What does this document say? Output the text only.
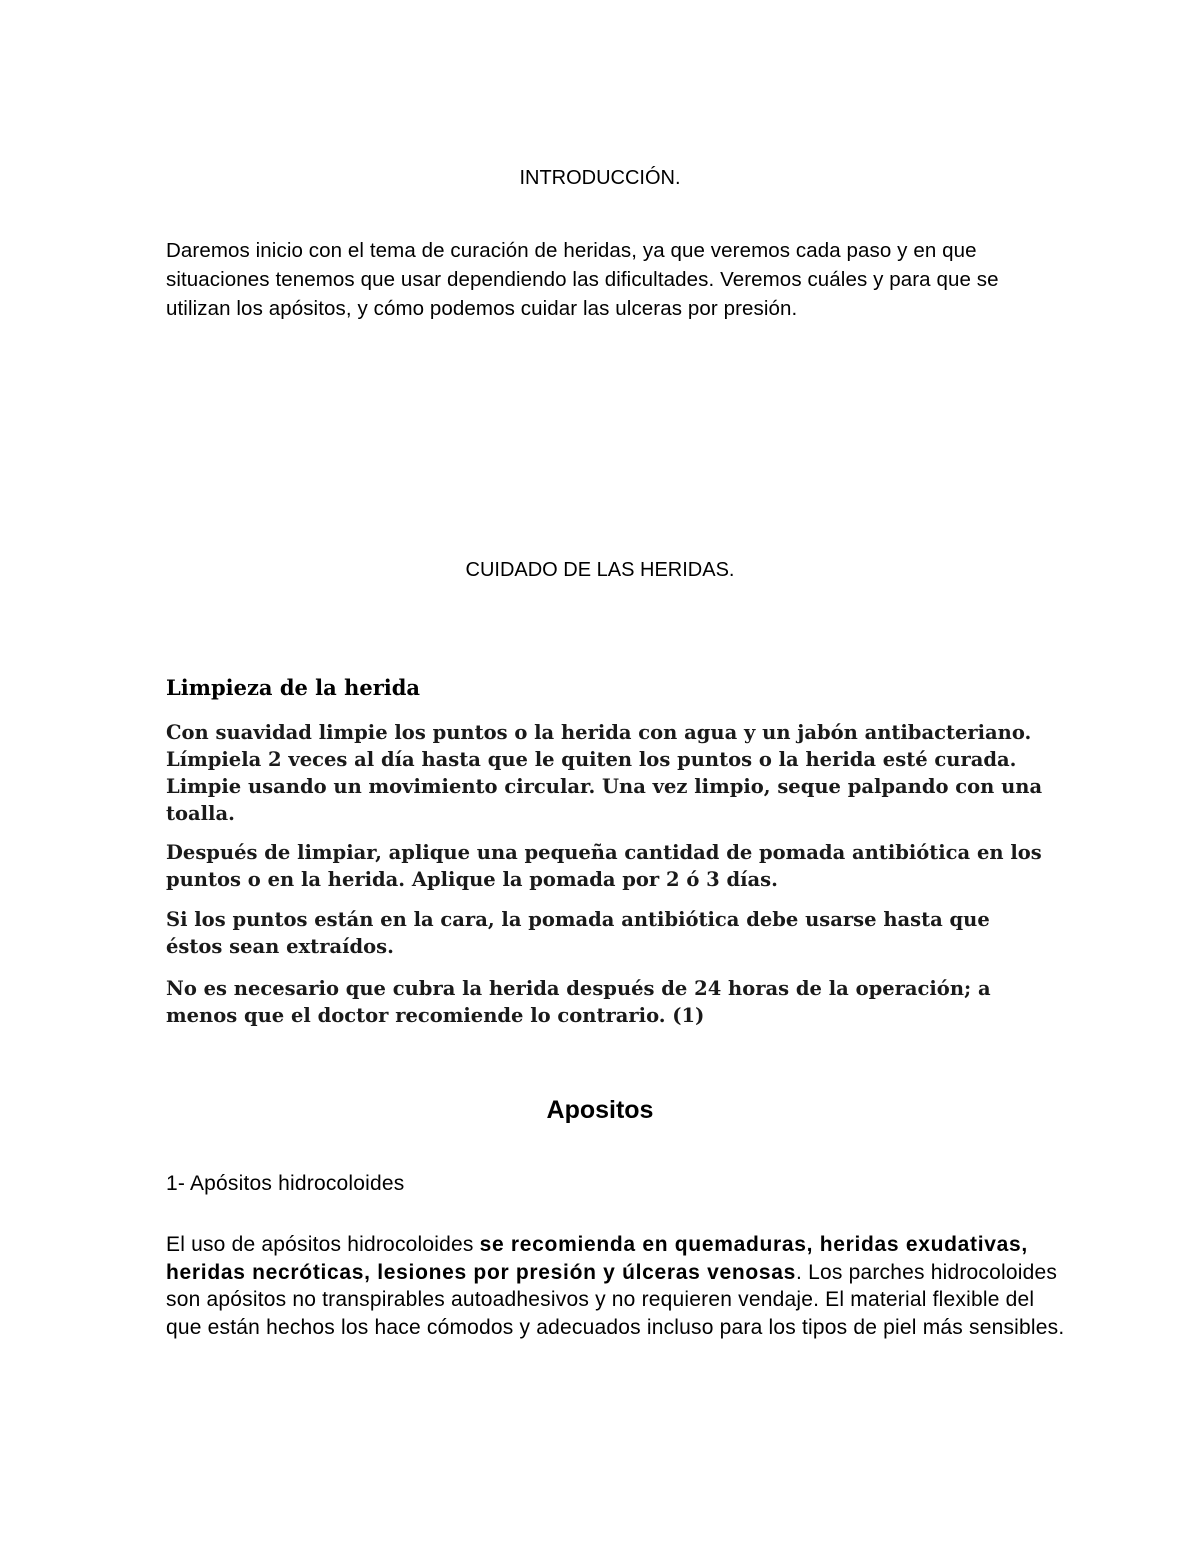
INTRODUCCIÓN.
Daremos inicio con el tema de curación de heridas, ya que veremos cada paso y en que situaciones tenemos que usar dependiendo las dificultades. Veremos cuáles y para que se utilizan los apósitos, y cómo podemos cuidar las ulceras por presión.
CUIDADO DE LAS HERIDAS.
Limpieza de la herida

Con suavidad limpie los puntos o la herida con agua y un jabón antibacteriano. Límpiela 2 veces al día hasta que le quiten los puntos o la herida esté curada. Limpie usando un movimiento circular. Una vez limpio, seque palpando con una toalla.

Después de limpiar, aplique una pequeña cantidad de pomada antibiótica en los puntos o en la herida. Aplique la pomada por 2 ó 3 días.

Si los puntos están en la cara, la pomada antibiótica debe usarse hasta que éstos sean extraídos.

No es necesario que cubra la herida después de 24 horas de la operación; a menos que el doctor recomiende lo contrario. (1)

Apositos
1- Apósitos hidrocoloides
El uso de apósitos hidrocoloides se recomienda en quemaduras, heridas exudativas, heridas necróticas, lesiones por presión y úlceras venosas. Los parches hidrocoloides son apósitos no transpirables autoadhesivos y no requieren vendaje. El material flexible del que están hechos los hace cómodos y adecuados incluso para los tipos de piel más sensibles.
